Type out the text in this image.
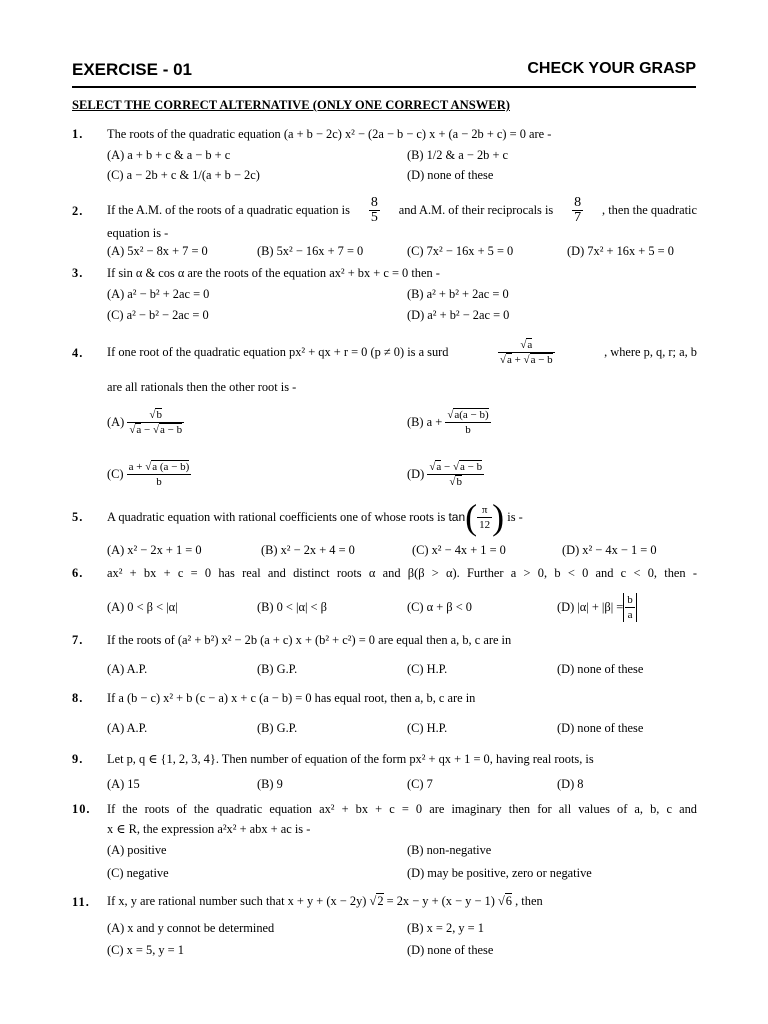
EXERCISE - 01	CHECK YOUR GRASP
SELECT THE CORRECT ALTERNATIVE (ONLY ONE CORRECT ANSWER)
1. The roots of the quadratic equation (a + b − 2c) x² − (2a − b − c) x + (a − 2b + c) = 0 are -
(A) a + b + c & a − b + c	(B) 1/2 & a − 2b + c
(C) a − 2b + c & 1/(a + b − 2c)	(D) none of these
2. If the A.M. of the roots of a quadratic equation is $\frac{8}{5}$ and A.M. of their reciprocals is $\frac{8}{7}$ , then the quadratic
equation is -
(A) 5x² − 8x + 7 = 0	(B) 5x² − 16x + 7 = 0	(C) 7x² − 16x + 5 = 0	(D) 7x² + 16x + 5 = 0
3. If sin α & cos α are the roots of the equation ax² + bx + c = 0 then -
(A) a² − b² + 2ac = 0	(B) a² + b² + 2ac = 0
(C) a² − b² − 2ac = 0	(D) a² + b² − 2ac = 0
4. If one root of the quadratic equation px² + qx + r = 0 (p ≠ 0) is a surd	$\frac{√a}{√a + √a - b}$	, where p, q, r; a, b
are all rationals then the other root is -
(A)
$\frac{√b}{√a - √a - b}$	(B) a +
$\frac{√a(a - b)}{b}$
(C)
$\frac{a + √a (a - b)}{b}$	(D)
$\frac{√a - √a - b}{√b}$
5. A quadratic equation with rational coefficients one of whose roots is
tan ( $\frac{\pi}{12}$ )
is -
(A) x² − 2x + 1 = 0	(B) x² − 2x + 4 = 0	(C) x² − 4x + 1 = 0	(D) x² − 4x − 1 = 0
6. ax² + bx + c = 0 has real and distinct roots α and β(β > α). Further a > 0, b < 0 and c < 0, then -
(A) 0 < β < |α|	(B) 0 < |α| < β	(C) α + β < 0	(D) $|\alpha| + |\beta| = \frac{b}{a}$
7. If the roots of (a² + b²) x² − 2b (a + c) x + (b² + c²) = 0 are equal then a, b, c are in
(A) A.P.	(B) G.P.	(C) H.P.	(D) none of these
8. If a (b − c) x² + b (c − a) x + c (a − b) = 0 has equal root, then a, b, c are in
(A) A.P.	(B) G.P.	(C) H.P.	(D) none of these
9. Let p, q ∈ {1, 2, 3, 4}. Then number of equation of the form px² + qx + 1 = 0, having real roots, is
(A) 15	(B) 9	(C) 7	(D) 8
10. If the roots of the quadratic equation ax² + bx + c = 0 are imaginary then for all values of a, b, c and
x ∈ R, the expression a²x² + abx + ac is -
(A) positive	(B) non-negative
(C) negative	(D) may be positive, zero or negative
11. If x, y are rational number such that x + y + (x − 2y) √2 = 2x − y + (x − y − 1) √6 , then
(A) x and y connot be determined	(B) x = 2, y = 1
(C) x = 5, y = 1	(D) none of these
